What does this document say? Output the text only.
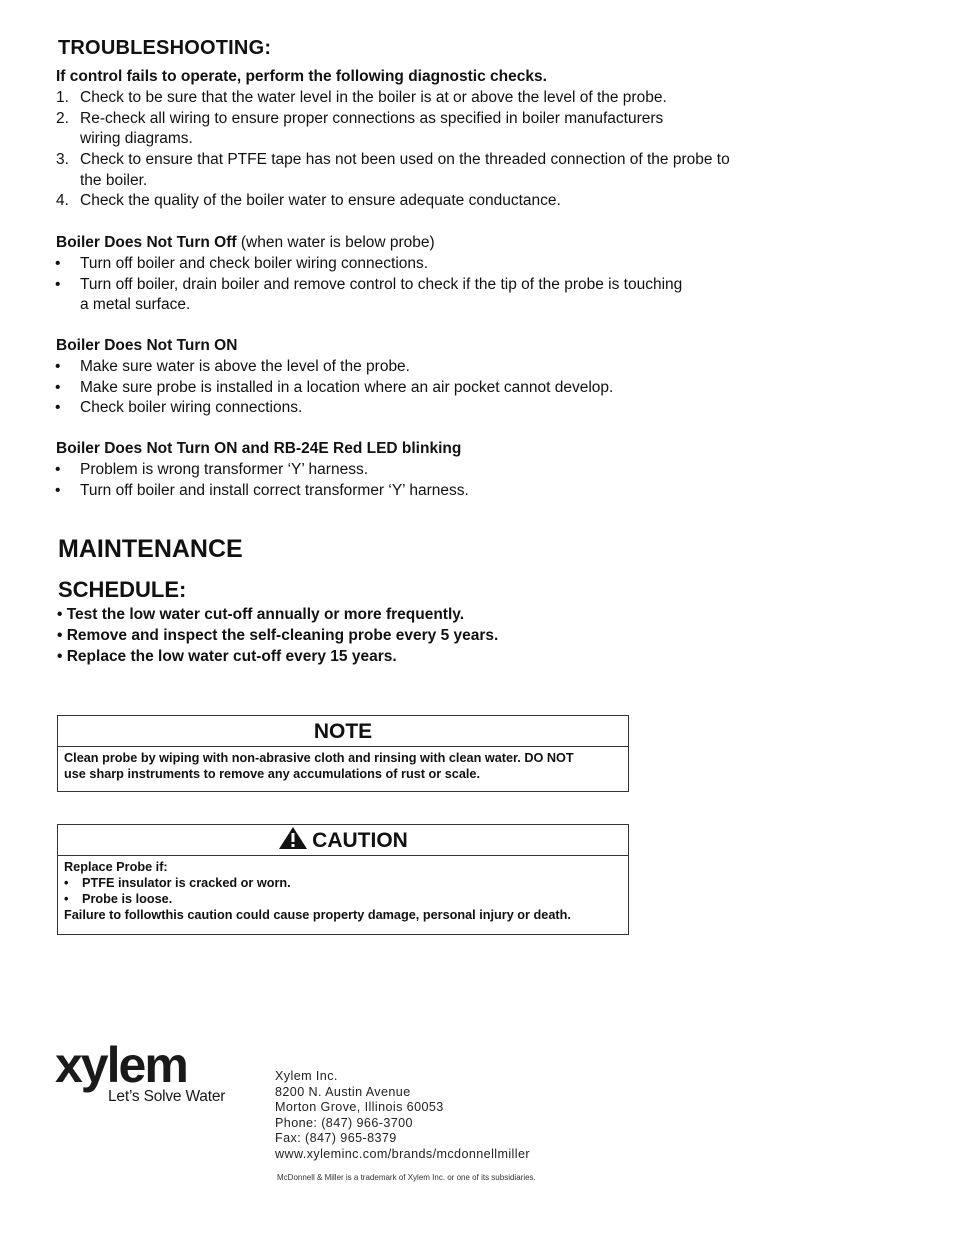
TROUBLESHOOTING:
If control fails to operate, perform the following diagnostic checks.
1. Check to be sure that the water level in the boiler is at or above the level of the probe.
2. Re-check all wiring to ensure proper connections as specified in boiler manufacturers
wiring diagrams.
3. Check to ensure that PTFE tape has not been used on the threaded connection of the probe to
the boiler.
4. Check the quality of the boiler water to ensure adequate conductance.
Boiler Does Not Turn Off (when water is below probe)
• Turn off boiler and check boiler wiring connections.
• Turn off boiler, drain boiler and remove control to check if the tip of the probe is touching
a metal surface.
Boiler Does Not Turn ON
• Make sure water is above the level of the probe.
• Make sure probe is installed in a location where an air pocket cannot develop.
• Check boiler wiring connections.
Boiler Does Not Turn ON and RB-24E Red LED blinking
• Problem is wrong transformer ‘Y’ harness.
• Turn off boiler and install correct transformer ‘Y’ harness.
MAINTENANCE
SCHEDULE:
• Test the low water cut-off annually or more frequently.
• Remove and inspect the self-cleaning probe every 5 years.
• Replace the low water cut-off every 15 years.
NOTE
Clean probe by wiping with non-abrasive cloth and rinsing with clean water. DO NOT
use sharp instruments to remove any accumulations of rust or scale.
CAUTION
Replace Probe if:
• PTFE insulator is cracked or worn.
• Probe is loose.
Failure to followthis caution could cause property damage, personal injury or death.
xylem
Let’s Solve Water
Xylem Inc.
8200 N. Austin Avenue
Morton Grove, Illinois 60053
Phone: (847) 966-3700
Fax: (847) 965-8379
www.xyleminc.com/brands/mcdonnellmiller
McDonnell & Miller is a trademark of Xylem Inc. or one of its subsidiaries.
